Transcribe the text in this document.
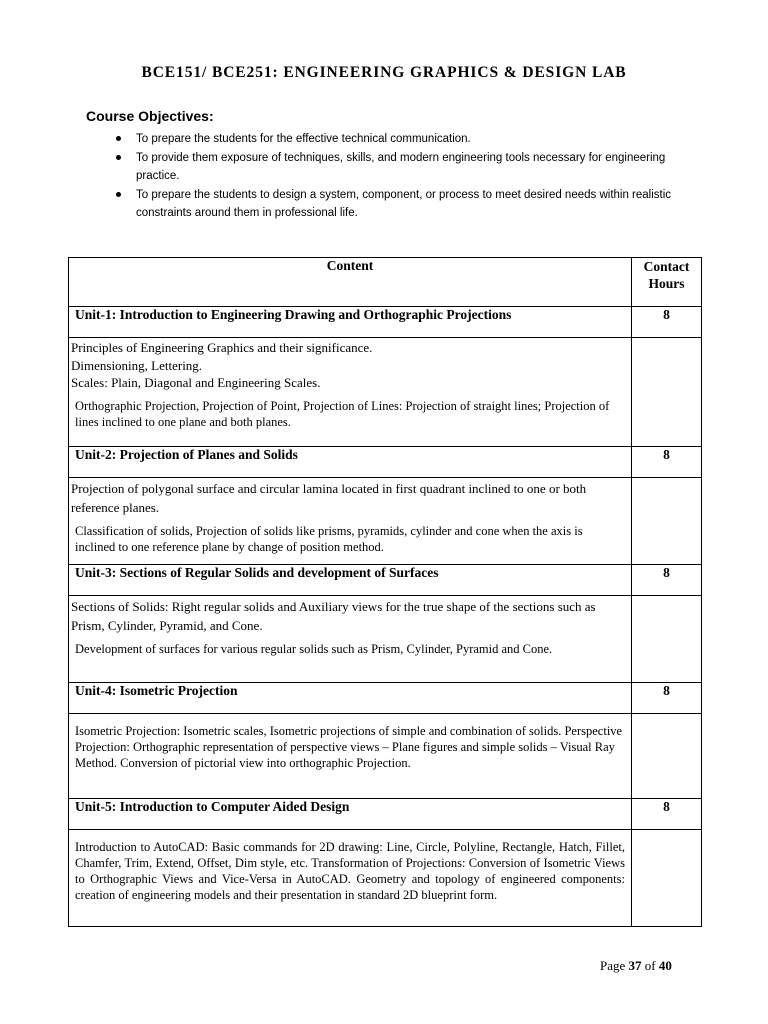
BCE151/ BCE251: ENGINEERING GRAPHICS & DESIGN LAB
Course Objectives:
To prepare the students for the effective technical communication.
To provide them exposure of techniques, skills, and modern engineering tools necessary for engineering practice.
To prepare the students to design a system, component, or process to meet desired needs within realistic constraints around them in professional life.
Content	Contact
Hours

Unit-1: Introduction to Engineering Drawing and Orthographic Projections	8

Principles of Engineering Graphics and their significance.
Dimensioning, Lettering.
Scales: Plain, Diagonal and Engineering Scales.
Orthographic Projection, Projection of Point, Projection of Lines: Projection of straight lines; Projection of lines inclined to one plane and both planes.	

Unit-2: Projection of Planes and Solids	8

Projection of polygonal surface and circular lamina located in first quadrant inclined to one or both reference planes.
Classification of solids, Projection of solids like prisms, pyramids, cylinder and cone when the axis is inclined to one reference plane by change of position method.	

Unit-3: Sections of Regular Solids and development of Surfaces	8

Sections of Solids: Right regular solids and Auxiliary views for the true shape of the sections such as Prism, Cylinder, Pyramid, and Cone.
Development of surfaces for various regular solids such as Prism, Cylinder, Pyramid and Cone.	

Unit-4: Isometric Projection	8

Isometric Projection: Isometric scales, Isometric projections of simple and combination of solids. Perspective Projection: Orthographic representation of perspective views – Plane figures and simple solids – Visual Ray Method. Conversion of pictorial view into orthographic Projection.	

Unit-5: Introduction to Computer Aided Design	8

Introduction to AutoCAD: Basic commands for 2D drawing: Line, Circle, Polyline, Rectangle, Hatch, Fillet, Chamfer, Trim, Extend, Offset, Dim style, etc. Transformation of Projections: Conversion of Isometric Views to Orthographic Views and Vice-Versa in AutoCAD. Geometry and topology of engineered components: creation of engineering models and their presentation in standard 2D blueprint form.	

Page 37 of 40
